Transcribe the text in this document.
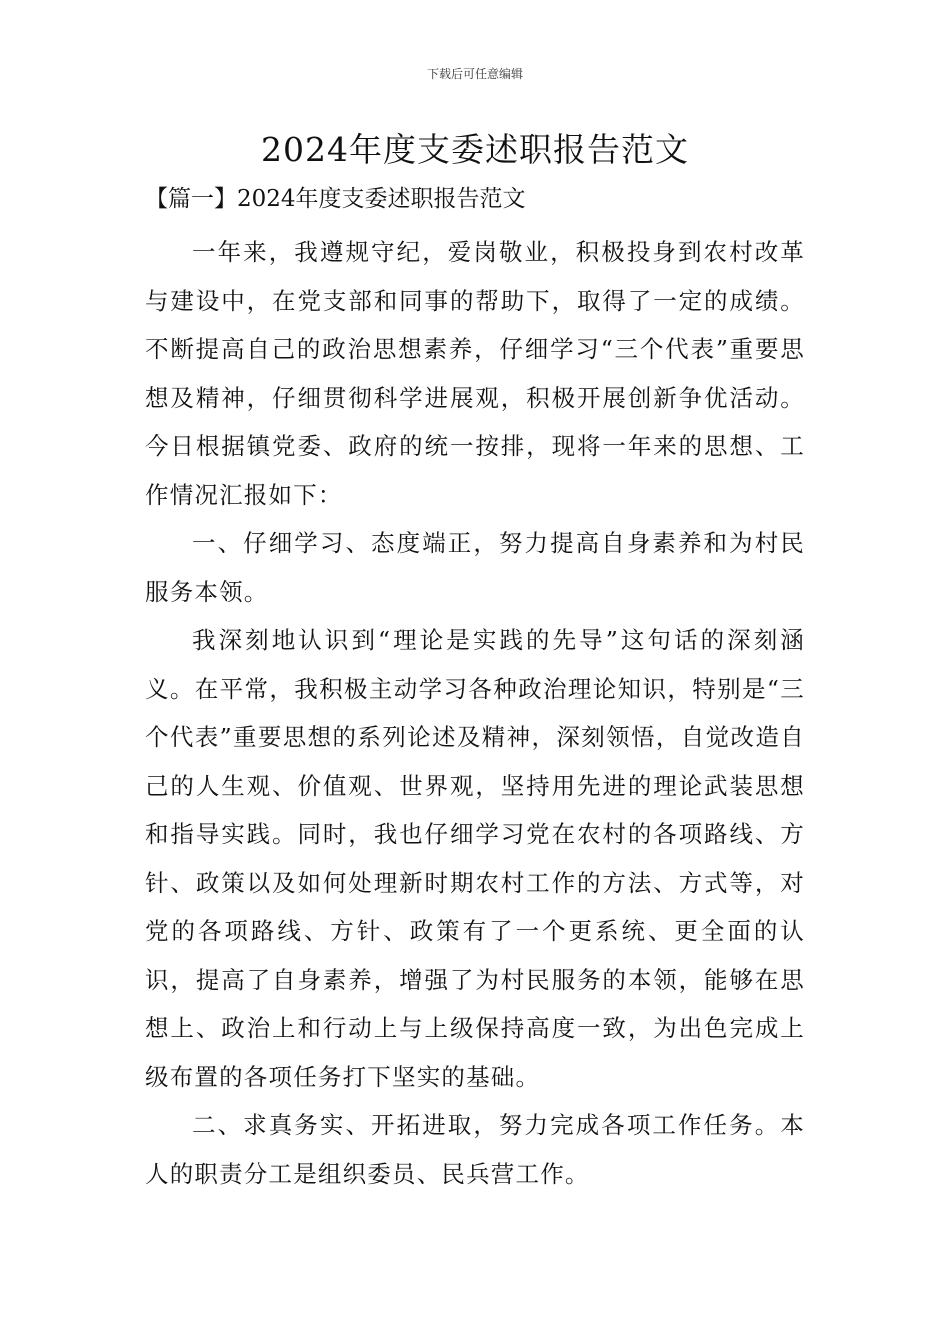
下载后可任意编辑
2024年度支委述职报告范文
【篇一】2024年度支委述职报告范文

一年来，我遵规守纪，爱岗敬业，积极投身到农村改革与建设中，在党支部和同事的帮助下，取得了一定的成绩。不断提高自己的政治思想素养，仔细学习“三个代表”重要思想及精神，仔细贯彻科学进展观，积极开展创新争优活动。今日根据镇党委、政府的统一按排，现将一年来的思想、工作情况汇报如下：

一、仔细学习、态度端正，努力提高自身素养和为村民服务本领。

我深刻地认识到“理论是实践的先导”这句话的深刻涵义。在平常，我积极主动学习各种政治理论知识，特别是“三个代表”重要思想的系列论述及精神，深刻领悟，自觉改造自己的人生观、价值观、世界观，坚持用先进的理论武装思想和指导实践。同时，我也仔细学习党在农村的各项路线、方针、政策以及如何处理新时期农村工作的方法、方式等，对党的各项路线、方针、政策有了一个更系统、更全面的认识，提高了自身素养，增强了为村民服务的本领，能够在思想上、政治上和行动上与上级保持高度一致，为出色完成上级布置的各项任务打下坚实的基础。

二、求真务实、开拓进取，努力完成各项工作任务。本人的职责分工是组织委员、民兵营工作。
